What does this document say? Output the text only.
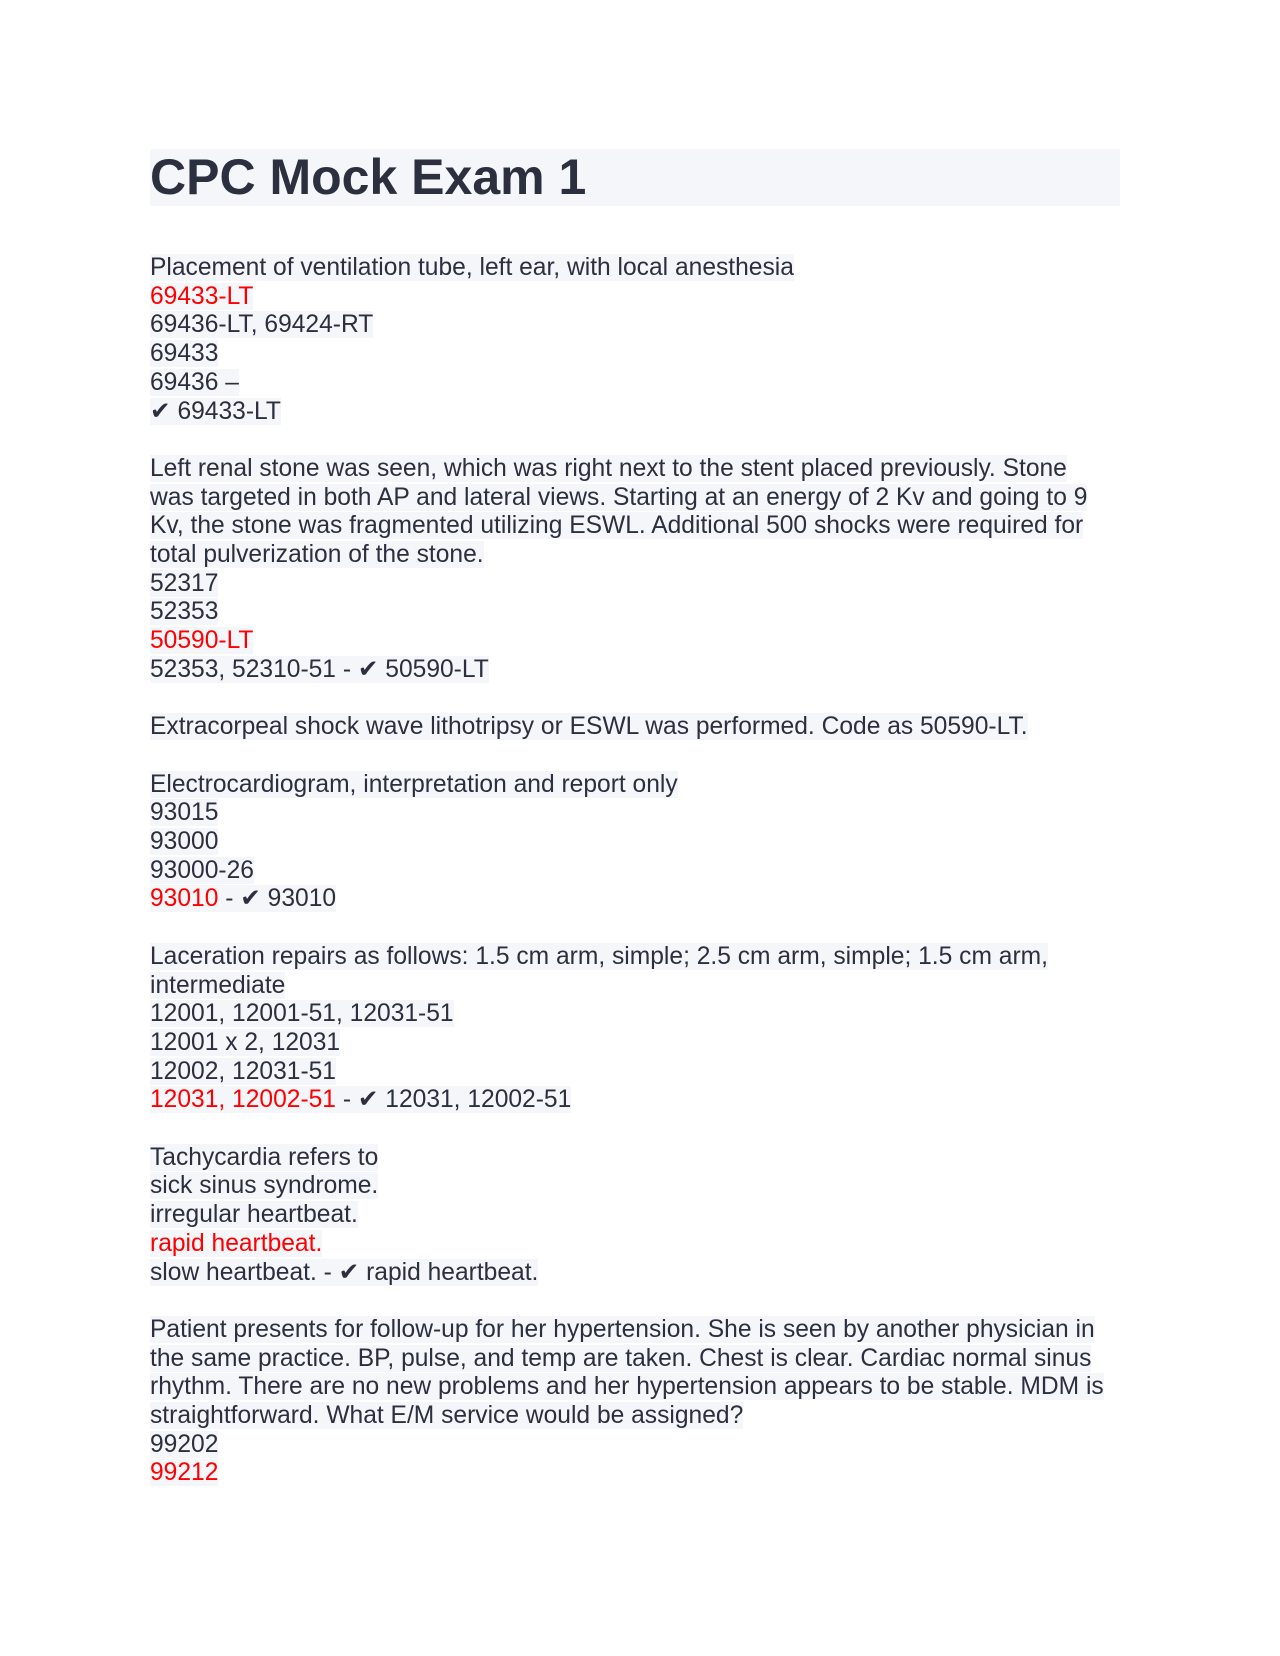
CPC Mock Exam 1
Placement of ventilation tube, left ear, with local anesthesia
69433-LT
69436-LT, 69424-RT
69433
69436 –
✔ 69433-LT
Left renal stone was seen, which was right next to the stent placed previously. Stone
was targeted in both AP and lateral views. Starting at an energy of 2 Kv and going to 9
Kv, the stone was fragmented utilizing ESWL. Additional 500 shocks were required for
total pulverization of the stone.
52317
52353
50590-LT
52353, 52310-51 - ✔ 50590-LT
Extracorpeal shock wave lithotripsy or ESWL was performed. Code as 50590-LT.
Electrocardiogram, interpretation and report only
93015
93000
93000-26
93010 - ✔ 93010
Laceration repairs as follows: 1.5 cm arm, simple; 2.5 cm arm, simple; 1.5 cm arm,
intermediate
12001, 12001-51, 12031-51
12001 x 2, 12031
12002, 12031-51
12031, 12002-51 - ✔ 12031, 12002-51
Tachycardia refers to
sick sinus syndrome.
irregular heartbeat.
rapid heartbeat.
slow heartbeat. - ✔ rapid heartbeat.
Patient presents for follow-up for her hypertension. She is seen by another physician in
the same practice. BP, pulse, and temp are taken. Chest is clear. Cardiac normal sinus
rhythm. There are no new problems and her hypertension appears to be stable. MDM is
straightforward. What E/M service would be assigned?
99202
99212
